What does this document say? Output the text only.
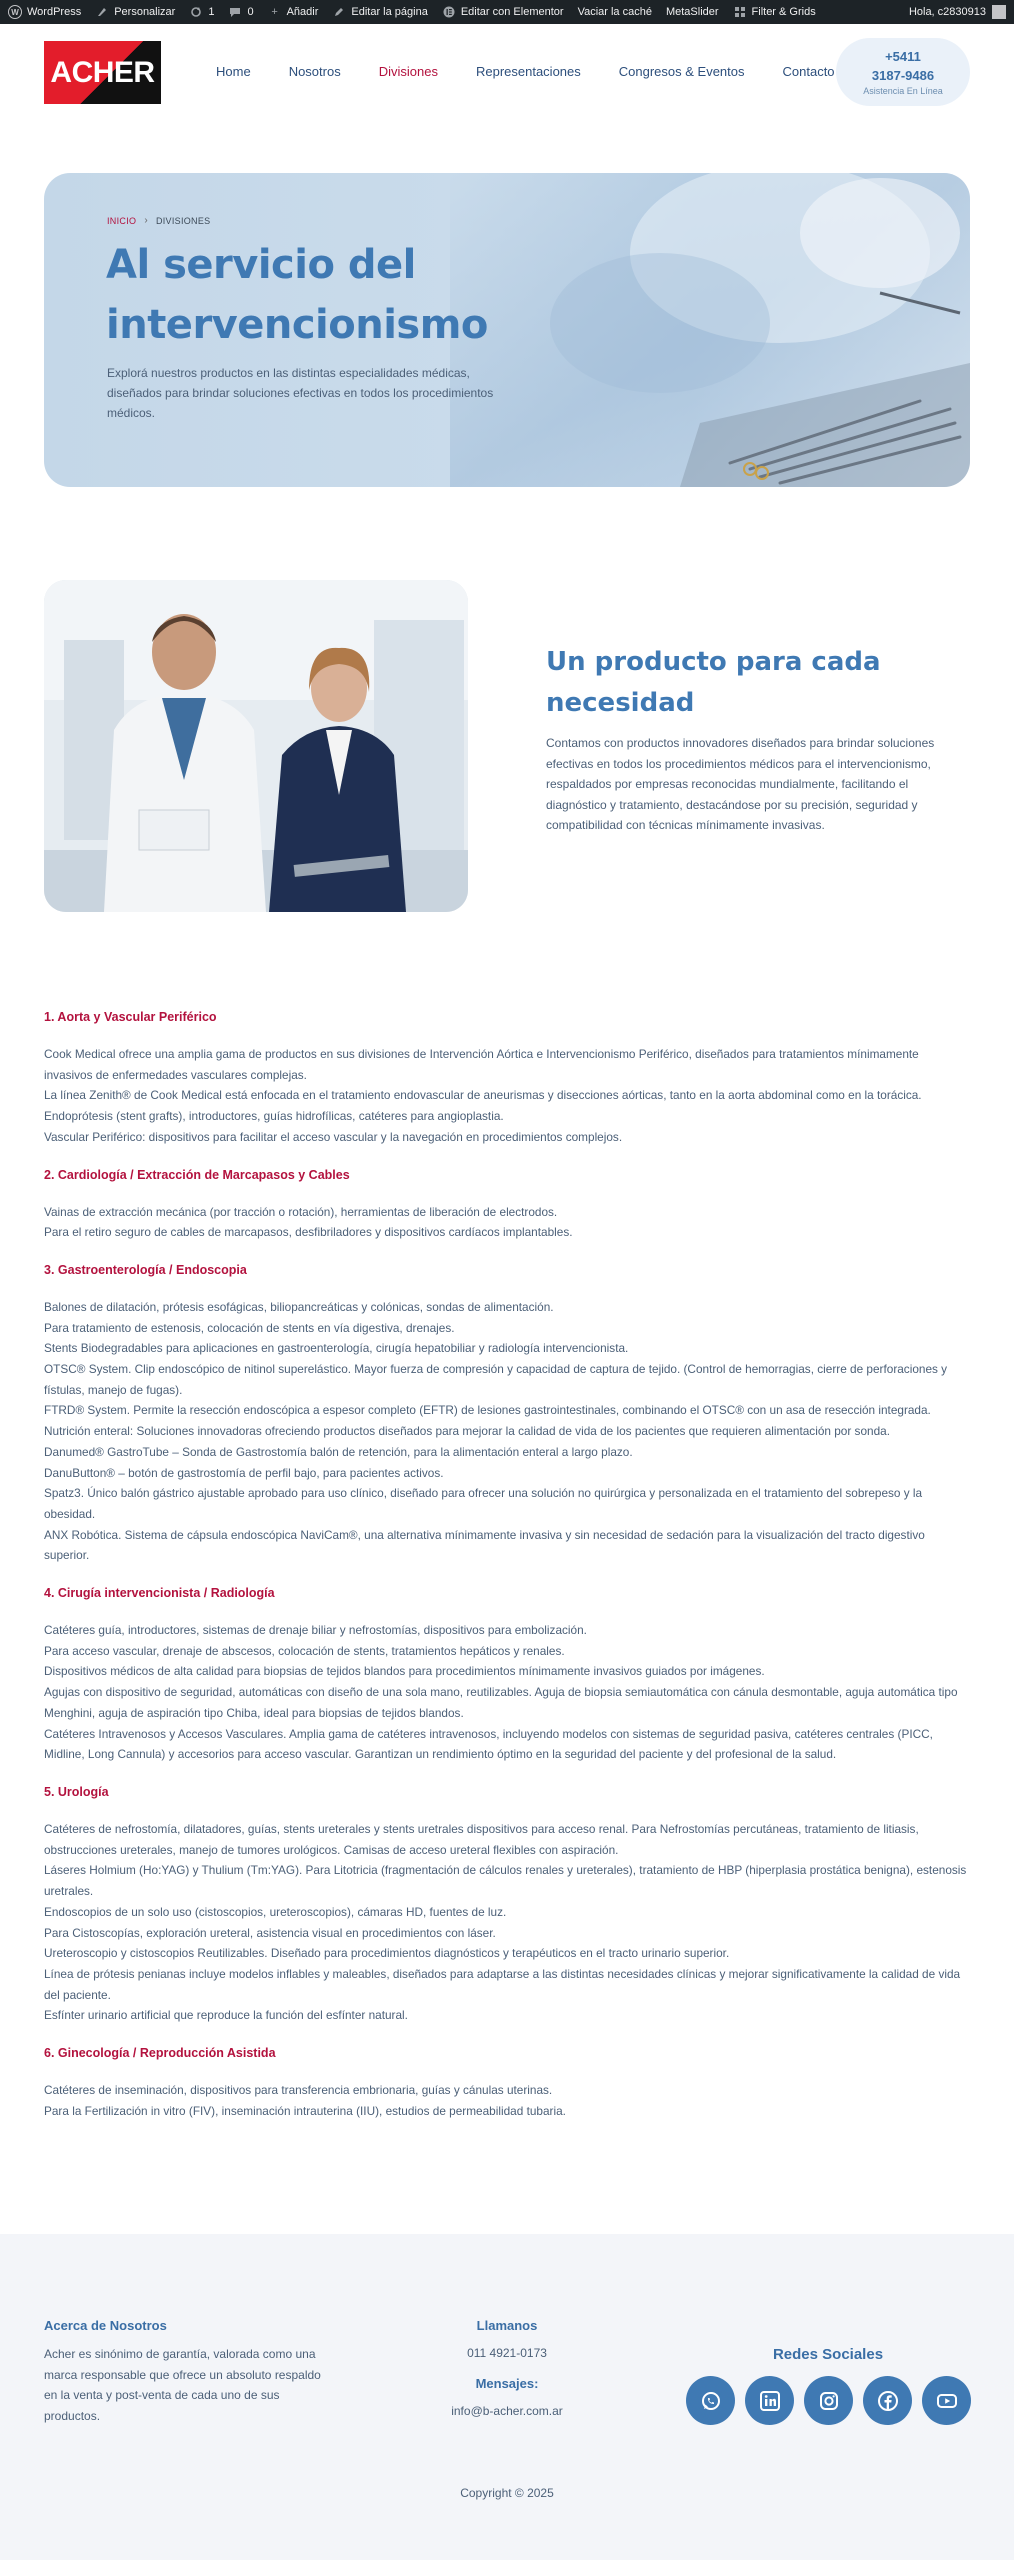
W WordPress	Personalizar	1	0	+ Añadir	Editar la página	Editar con Elementor Vaciar la caché MetaSlider	Filter & Grids	Hola, c2830913
ACHER	Home	Nosotros	Divisiones	Representaciones	Congresos & Eventos	Contacto
+5411
3187-9486
Asistencia En Línea
INICIO › DIVISIONES
Al servicio del intervencionismo

Explorá nuestros productos en las distintas especialidades médicas, diseñados para brindar soluciones efectivas en todos los procedimientos médicos.

Un producto para cada necesidad

Contamos con productos innovadores diseñados para brindar soluciones efectivas en todos los procedimientos médicos para el intervencionismo, respaldados por empresas reconocidas mundialmente, facilitando el diagnóstico y tratamiento, destacándose por su precisión, seguridad y compatibilidad con técnicas mínimamente invasivas.

1. Aorta y Vascular Periférico
Cook Medical ofrece una amplia gama de productos en sus divisiones de Intervención Aórtica e Intervencionismo Periférico, diseñados para tratamientos mínimamente invasivos de enfermedades vasculares complejas.
La línea Zenith® de Cook Medical está enfocada en el tratamiento endovascular de aneurismas y disecciones aórticas, tanto en la aorta abdominal como en la torácica.
Endoprótesis (stent grafts), introductores, guías hidrofílicas, catéteres para angioplastia.
Vascular Periférico: dispositivos para facilitar el acceso vascular y la navegación en procedimientos complejos.
2. Cardiología / Extracción de Marcapasos y Cables
Vainas de extracción mecánica (por tracción o rotación), herramientas de liberación de electrodos.
Para el retiro seguro de cables de marcapasos, desfibriladores y dispositivos cardíacos implantables.
3. Gastroenterología / Endoscopia
Balones de dilatación, prótesis esofágicas, biliopancreáticas y colónicas, sondas de alimentación.
Para tratamiento de estenosis, colocación de stents en vía digestiva, drenajes.
Stents Biodegradables para aplicaciones en gastroenterología, cirugía hepatobiliar y radiología intervencionista.
OTSC® System. Clip endoscópico de nitinol superelástico. Mayor fuerza de compresión y capacidad de captura de tejido. (Control de hemorragias, cierre de perforaciones y fístulas, manejo de fugas).
FTRD® System. Permite la resección endoscópica a espesor completo (EFTR) de lesiones gastrointestinales, combinando el OTSC® con un asa de resección integrada.
Nutrición enteral: Soluciones innovadoras ofreciendo productos diseñados para mejorar la calidad de vida de los pacientes que requieren alimentación por sonda.
Danumed® GastroTube – Sonda de Gastrostomía balón de retención, para la alimentación enteral a largo plazo.
DanuButton® – botón de gastrostomía de perfil bajo, para pacientes activos.
Spatz3. Único balón gástrico ajustable aprobado para uso clínico, diseñado para ofrecer una solución no quirúrgica y personalizada en el tratamiento del sobrepeso y la obesidad.
ANX Robótica. Sistema de cápsula endoscópica NaviCam®, una alternativa mínimamente invasiva y sin necesidad de sedación para la visualización del tracto digestivo superior.
4. Cirugía intervencionista / Radiología
Catéteres guía, introductores, sistemas de drenaje biliar y nefrostomías, dispositivos para embolización.
Para acceso vascular, drenaje de abscesos, colocación de stents, tratamientos hepáticos y renales.
Dispositivos médicos de alta calidad para biopsias de tejidos blandos para procedimientos mínimamente invasivos guiados por imágenes.
Agujas con dispositivo de seguridad, automáticas con diseño de una sola mano, reutilizables. Aguja de biopsia semiautomática con cánula desmontable, aguja automática tipo Menghini, aguja de aspiración tipo Chiba, ideal para biopsias de tejidos blandos.
Catéteres Intravenosos y Accesos Vasculares. Amplia gama de catéteres intravenosos, incluyendo modelos con sistemas de seguridad pasiva, catéteres centrales (PICC, Midline, Long Cannula) y accesorios para acceso vascular. Garantizan un rendimiento óptimo en la seguridad del paciente y del profesional de la salud.
5. Urología
Catéteres de nefrostomía, dilatadores, guías, stents ureterales y stents uretrales dispositivos para acceso renal. Para Nefrostomías percutáneas, tratamiento de litiasis, obstrucciones ureterales, manejo de tumores urológicos. Camisas de acceso ureteral flexibles con aspiración.
Láseres Holmium (Ho:YAG) y Thulium (Tm:YAG). Para Litotricia (fragmentación de cálculos renales y ureterales), tratamiento de HBP (hiperplasia prostática benigna), estenosis uretrales.
Endoscopios de un solo uso (cistoscopios, ureteroscopios), cámaras HD, fuentes de luz.
Para Cistoscopías, exploración ureteral, asistencia visual en procedimientos con láser.
Ureteroscopio y cistoscopios Reutilizables. Diseñado para procedimientos diagnósticos y terapéuticos en el tracto urinario superior.
Línea de prótesis penianas incluye modelos inflables y maleables, diseñados para adaptarse a las distintas necesidades clínicas y mejorar significativamente la calidad de vida del paciente.
Esfínter urinario artificial que reproduce la función del esfínter natural.
6. Ginecología / Reproducción Asistida
Catéteres de inseminación, dispositivos para transferencia embrionaria, guías y cánulas uterinas.
Para la Fertilización in vitro (FIV), inseminación intrauterina (IIU), estudios de permeabilidad tubaria.
Acerca de Nosotros
Acher es sinónimo de garantía, valorada como una marca responsable que ofrece un absoluto respaldo en la venta y post-venta de cada uno de sus productos.
Llamanos
011 4921-0173
Mensajes:
info@b-acher.com.ar
Redes Sociales
Copyright © 2025
